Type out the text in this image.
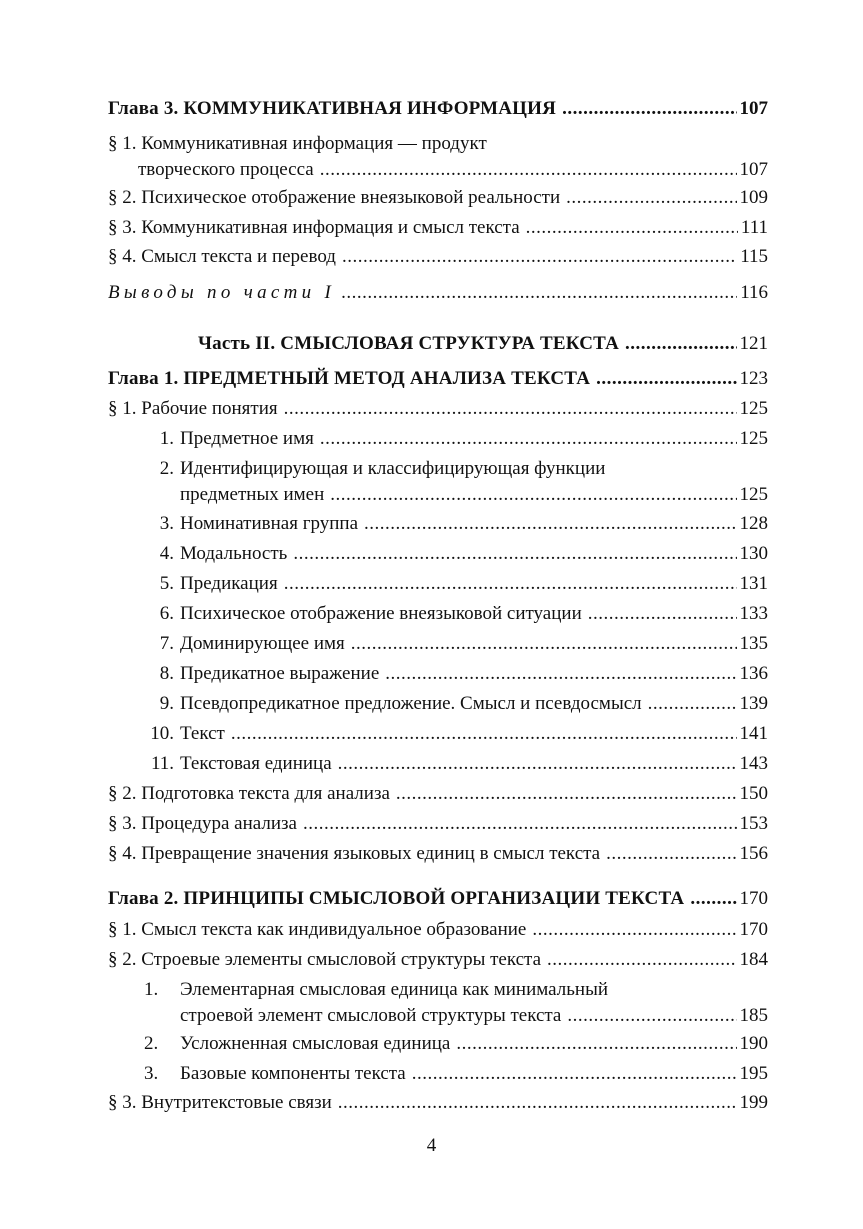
Глава 3. КОММУНИКАТИВНАЯ ИНФОРМАЦИЯ .....	107
§ 1. Коммуникативная информация — продукт
творческого процесса .....	107
§ 2. Психическое отображение внеязыковой реальности .....	109
§ 3. Коммуникативная информация и смысл текста .....	111
§ 4. Смысл текста и перевод .....	115
Выводы по части I .....	116
Часть II. СМЫСЛОВАЯ СТРУКТУРА ТЕКСТА .....	121
Глава 1. ПРЕДМЕТНЫЙ МЕТОД АНАЛИЗА ТЕКСТА .....	123
§ 1. Рабочие понятия .....	125
1. Предметное имя .....	125
2. Идентифицирующая и классифицирующая функции
предметных имен .....	125
3. Номинативная группа .....	128
4. Модальность .....	130
5. Предикация .....	131
6. Психическое отображение внеязыковой ситуации .....	133
7. Доминирующее имя .....	135
8. Предикатное выражение .....	136
9. Псевдопредикатное предложение. Смысл и псевдосмысл .....	139
10. Текст .....	141
11. Текстовая единица .....	143
§ 2. Подготовка текста для анализа .....	150
§ 3. Процедура анализа .....	153
§ 4. Превращение значения языковых единиц в смысл текста .....	156
Глава 2. ПРИНЦИПЫ СМЫСЛОВОЙ ОРГАНИЗАЦИИ ТЕКСТА .....	170
§ 1. Смысл текста как индивидуальное образование .....	170
§ 2. Строевые элементы смысловой структуры текста .....	184
1. Элементарная смысловая единица как минимальный
строевой элемент смысловой структуры текста .....	185
2. Усложненная смысловая единица .....	190
3. Базовые компоненты текста .....	195
§ 3. Внутритекстовые связи .....	199
4
